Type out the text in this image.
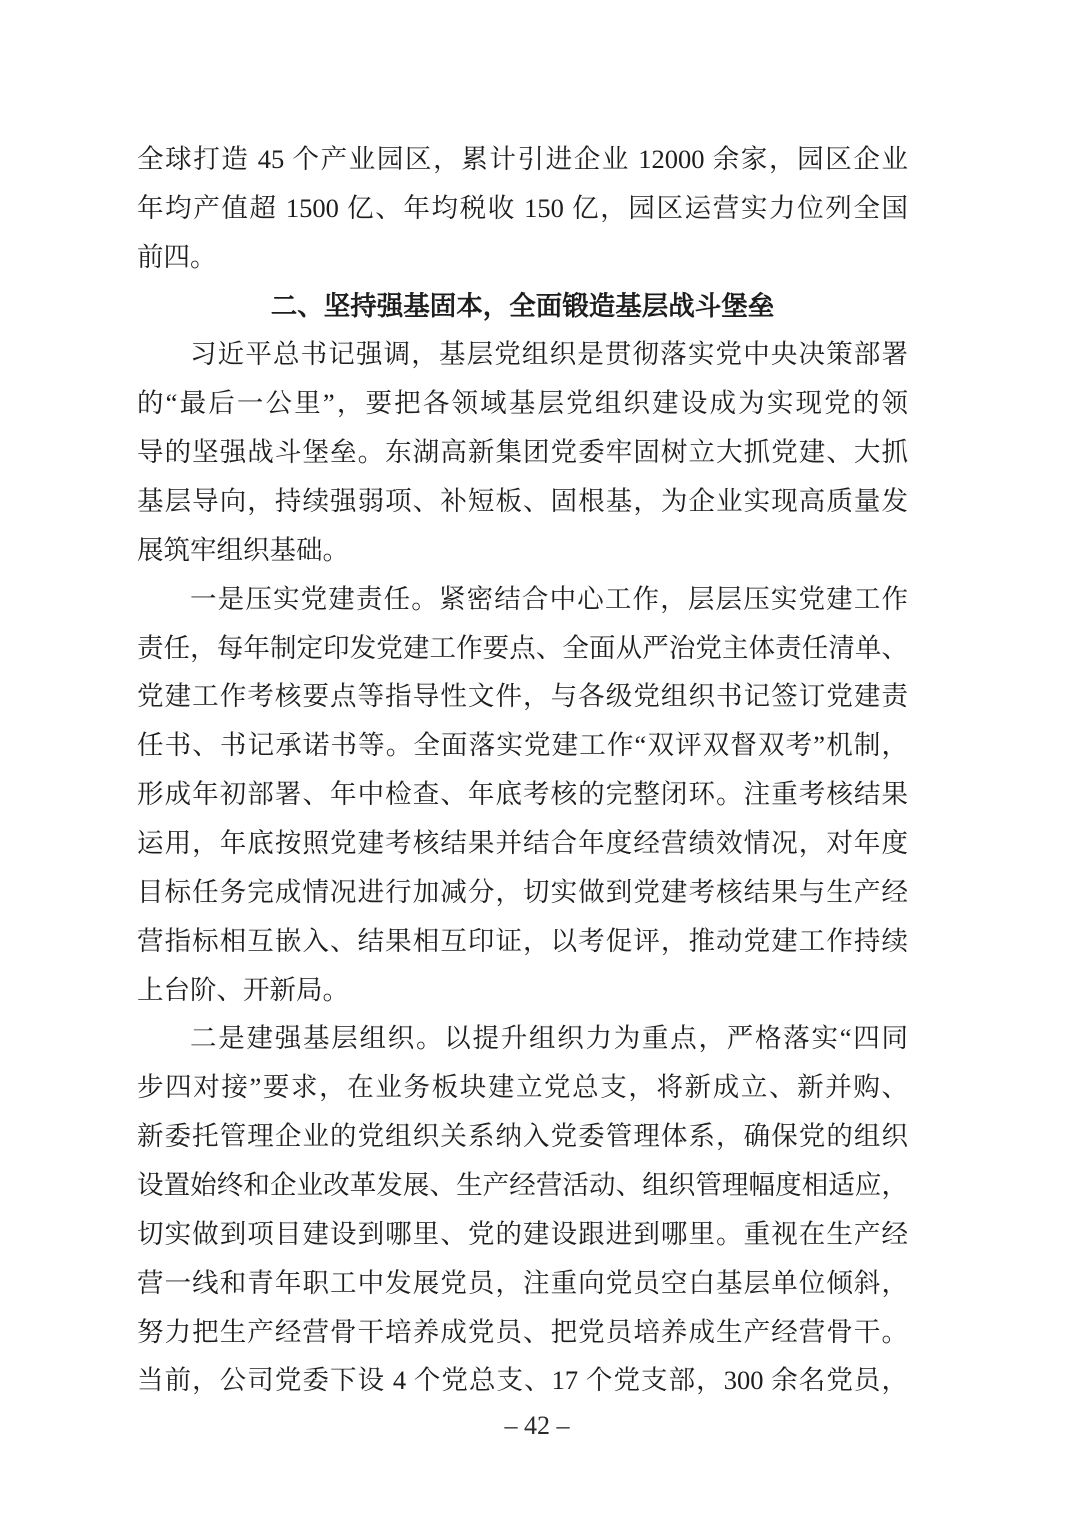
全球打造 45 个产业园区，累计引进企业 12000 余家，园区企业
年均产值超 1500 亿、年均税收 150 亿，园区运营实力位列全国
前四。
二、坚持强基固本，全面锻造基层战斗堡垒
习近平总书记强调，基层党组织是贯彻落实党中央决策部署
的“最后一公里”，要把各领域基层党组织建设成为实现党的领
导的坚强战斗堡垒。东湖高新集团党委牢固树立大抓党建、大抓
基层导向，持续强弱项、补短板、固根基，为企业实现高质量发
展筑牢组织基础。
一是压实党建责任。紧密结合中心工作，层层压实党建工作
责任，每年制定印发党建工作要点、全面从严治党主体责任清单、
党建工作考核要点等指导性文件，与各级党组织书记签订党建责
任书、书记承诺书等。全面落实党建工作“双评双督双考”机制，
形成年初部署、年中检查、年底考核的完整闭环。注重考核结果
运用，年底按照党建考核结果并结合年度经营绩效情况，对年度
目标任务完成情况进行加减分，切实做到党建考核结果与生产经
营指标相互嵌入、结果相互印证，以考促评，推动党建工作持续
上台阶、开新局。
二是建强基层组织。以提升组织力为重点，严格落实“四同
步四对接”要求，在业务板块建立党总支，将新成立、新并购、
新委托管理企业的党组织关系纳入党委管理体系，确保党的组织
设置始终和企业改革发展、生产经营活动、组织管理幅度相适应，
切实做到项目建设到哪里、党的建设跟进到哪里。重视在生产经
营一线和青年职工中发展党员，注重向党员空白基层单位倾斜，
努力把生产经营骨干培养成党员、把党员培养成生产经营骨干。
当前，公司党委下设 4 个党总支、17 个党支部，300 余名党员，
– 42 –
